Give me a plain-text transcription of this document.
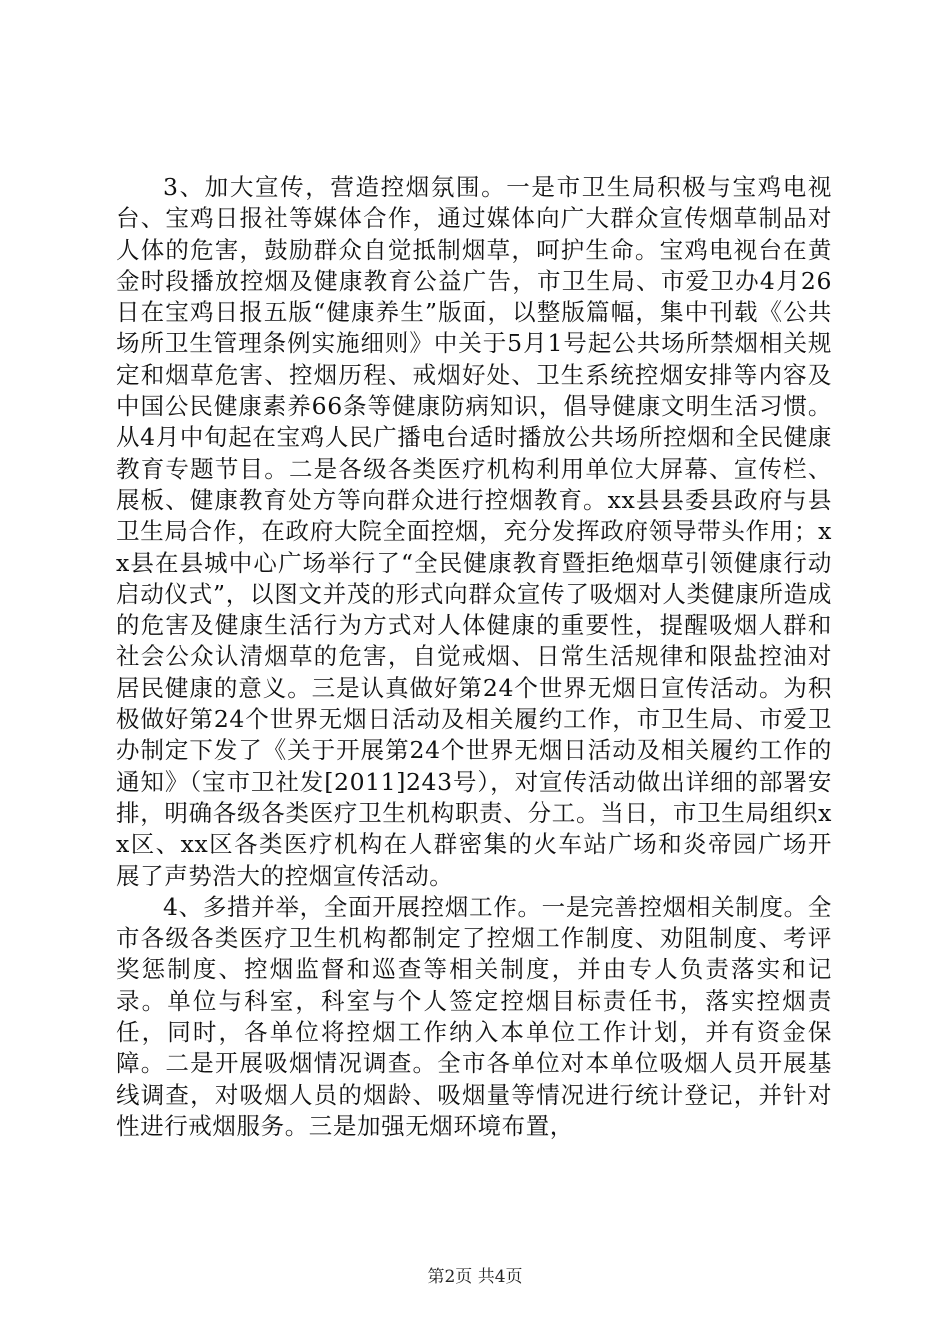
3、加大宣传，营造控烟氛围。一是市卫生局积极与宝鸡电视台、宝鸡日报社等媒体合作，通过媒体向广大群众宣传烟草制品对人体的危害，鼓励群众自觉抵制烟草，呵护生命。宝鸡电视台在黄金时段播放控烟及健康教育公益广告，市卫生局、市爱卫办4月26日在宝鸡日报五版“健康养生”版面，以整版篇幅，集中刊载《公共场所卫生管理条例实施细则》中关于5月1号起公共场所禁烟相关规定和烟草危害、控烟历程、戒烟好处、卫生系统控烟安排等内容及中国公民健康素养66条等健康防病知识，倡导健康文明生活习惯。从4月中旬起在宝鸡人民广播电台适时播放公共场所控烟和全民健康教育专题节目。二是各级各类医疗机构利用单位大屏幕、宣传栏、展板、健康教育处方等向群众进行控烟教育。xx县县委县政府与县卫生局合作，在政府大院全面控烟，充分发挥政府领导带头作用；xx县在县城中心广场举行了“全民健康教育暨拒绝烟草引领健康行动启动仪式”，以图文并茂的形式向群众宣传了吸烟对人类健康所造成的危害及健康生活行为方式对人体健康的重要性，提醒吸烟人群和社会公众认清烟草的危害，自觉戒烟、日常生活规律和限盐控油对居民健康的意义。三是认真做好第24个世界无烟日宣传活动。为积极做好第24个世界无烟日活动及相关履约工作，市卫生局、市爱卫办制定下发了《关于开展第24个世界无烟日活动及相关履约工作的通知》（宝市卫社发[2011]243号），对宣传活动做出详细的部署安排，明确各级各类医疗卫生机构职责、分工。当日，市卫生局组织xx区、xx区各类医疗机构在人群密集的火车站广场和炎帝园广场开展了声势浩大的控烟宣传活动。

4、多措并举，全面开展控烟工作。一是完善控烟相关制度。全市各级各类医疗卫生机构都制定了控烟工作制度、劝阻制度、考评奖惩制度、控烟监督和巡查等相关制度，并由专人负责落实和记录。单位与科室，科室与个人签定控烟目标责任书，落实控烟责任，同时，各单位将控烟工作纳入本单位工作计划，并有资金保障。二是开展吸烟情况调查。全市各单位对本单位吸烟人员开展基线调查，对吸烟人员的烟龄、吸烟量等情况进行统计登记，并针对性进行戒烟服务。三是加强无烟环境布置，

第2页 共4页
